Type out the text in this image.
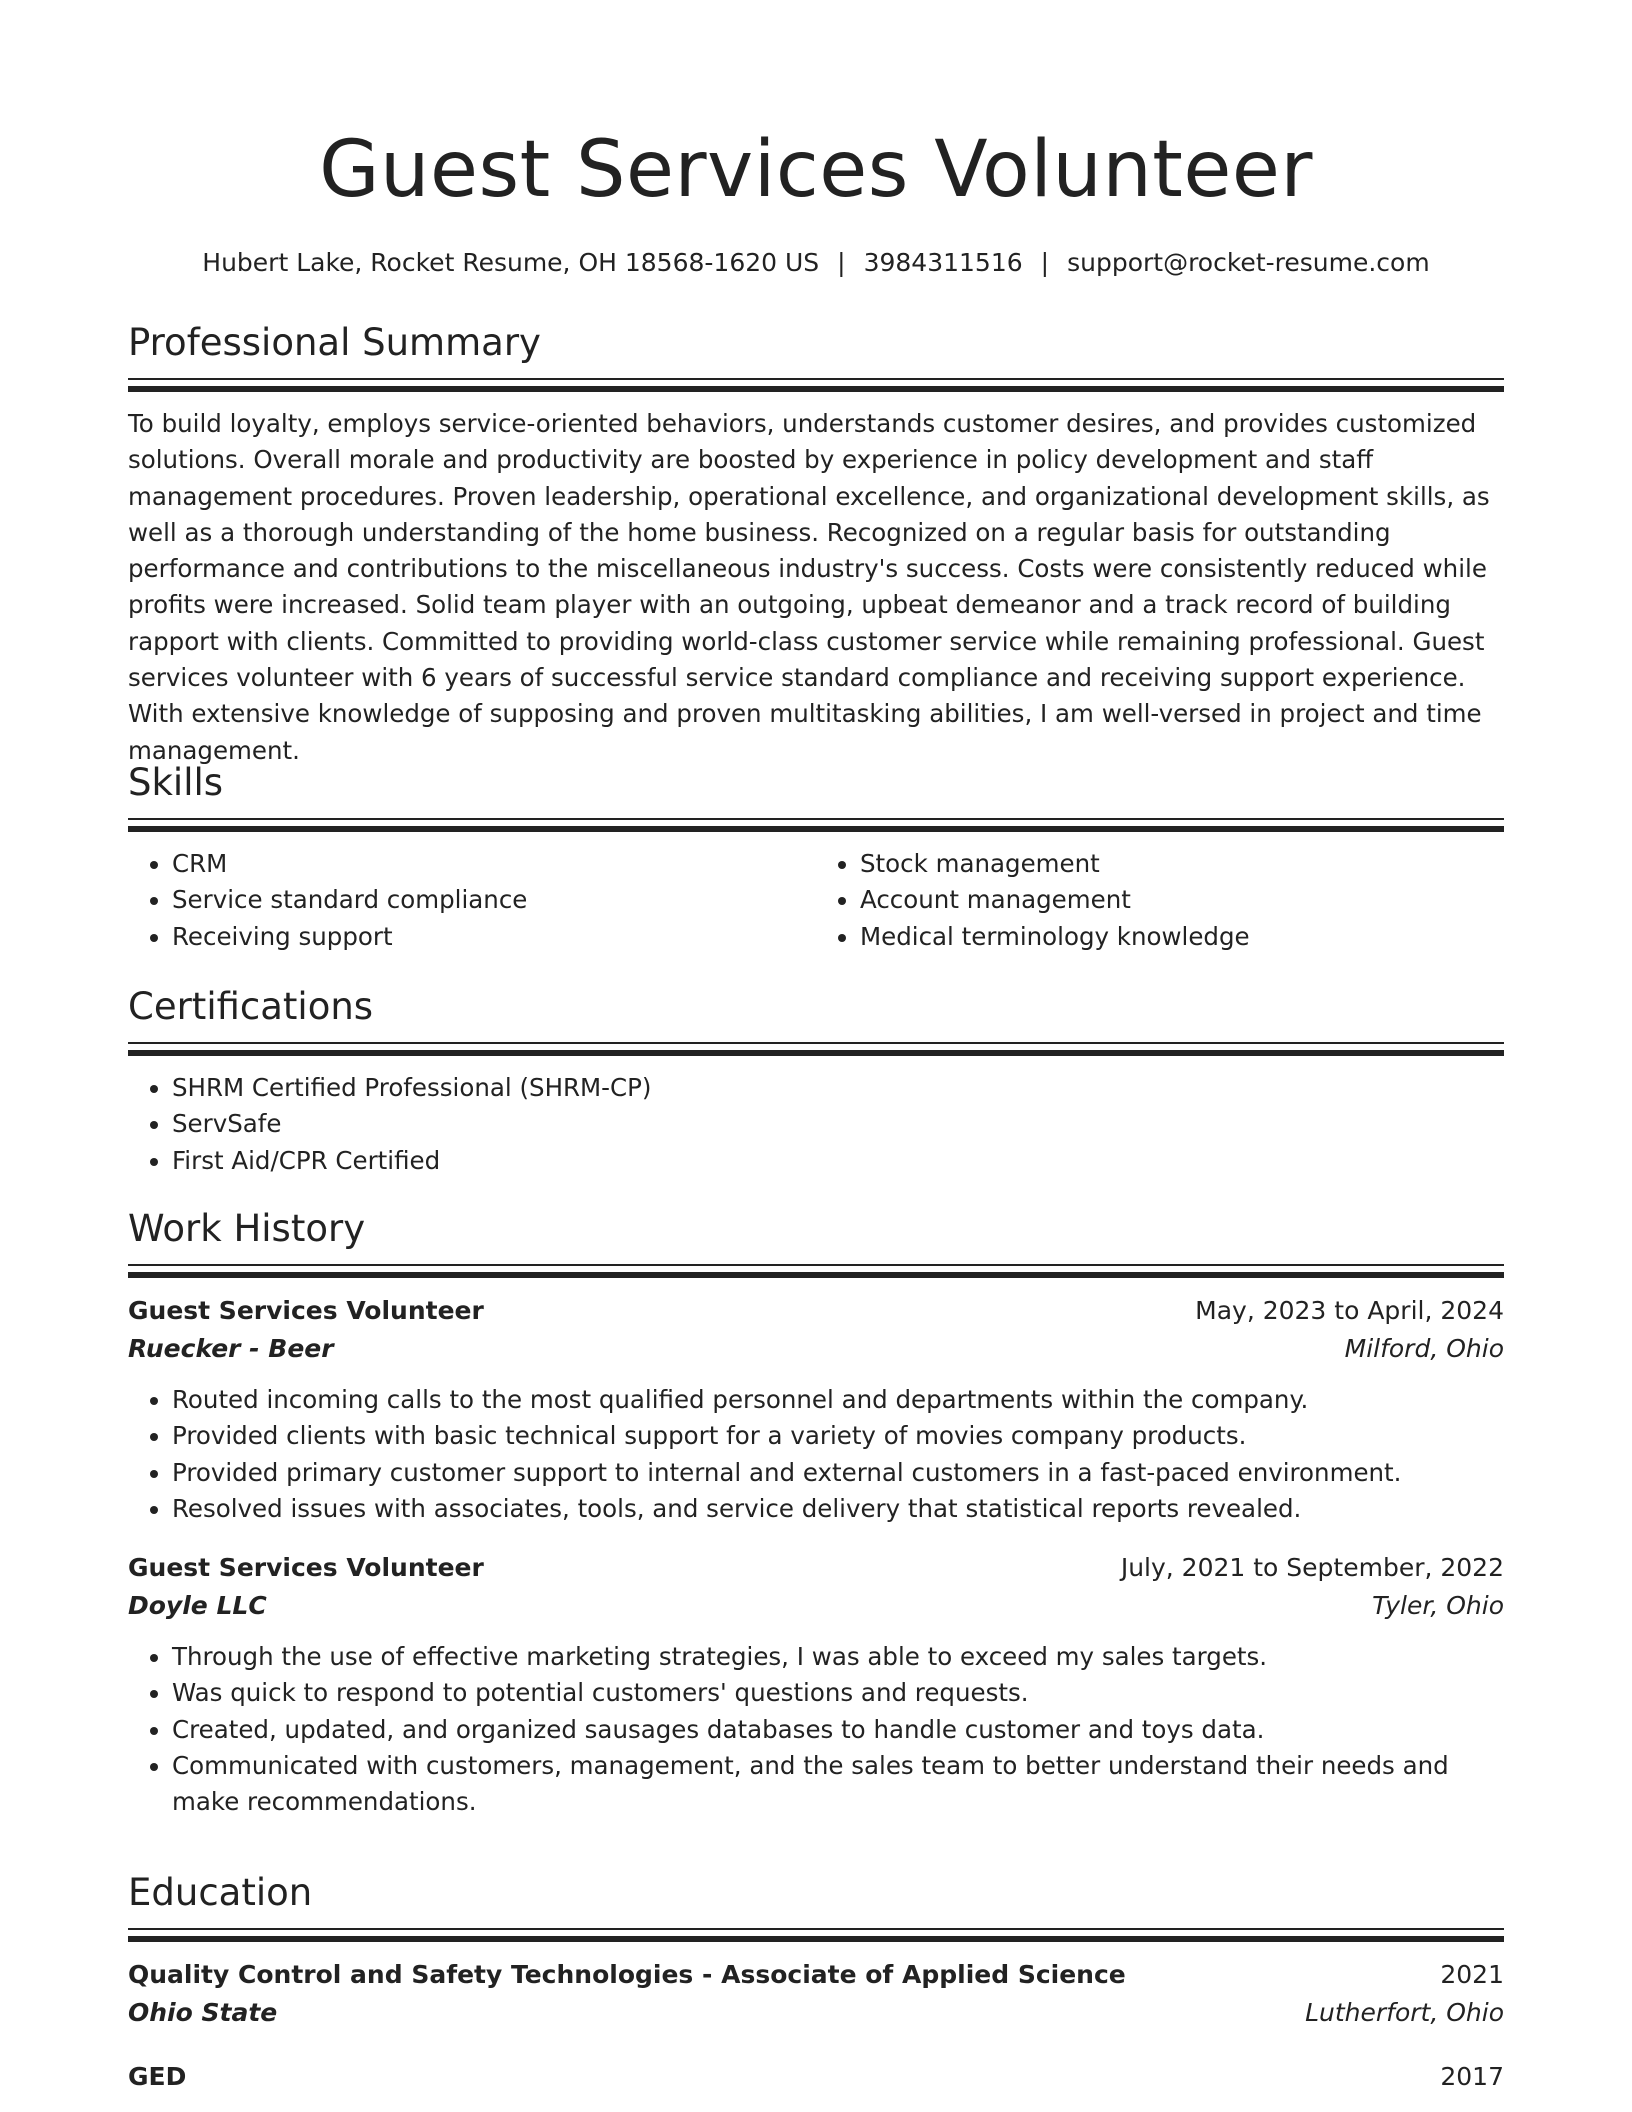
Guest Services Volunteer
Hubert Lake, Rocket Resume, OH 18568-1620 US | 3984311516 | support@rocket-resume.com
Professional Summary

To build loyalty, employs service-oriented behaviors, understands customer desires, and provides customized solutions. Overall morale and productivity are boosted by experience in policy development and staff management procedures. Proven leadership, operational excellence, and organizational development skills, as well as a thorough understanding of the home business. Recognized on a regular basis for outstanding performance and contributions to the miscellaneous industry's success. Costs were consistently reduced while profits were increased. Solid team player with an outgoing, upbeat demeanor and a track record of building rapport with clients. Committed to providing world-class customer service while remaining professional. Guest services volunteer with 6 years of successful service standard compliance and receiving support experience. With extensive knowledge of supposing and proven multitasking abilities, I am well-versed in project and time management.

Skills
• CRM
• Service standard compliance
• Receiving support
• Stock management
• Account management
• Medical terminology knowledge
Certifications
• SHRM Certified Professional (SHRM-CP)
• ServSafe
• First Aid/CPR Certified
Work History
Guest Services Volunteer	May, 2023 to April, 2024
Ruecker - Beer	Milford, Ohio
• Routed incoming calls to the most qualified personnel and departments within the company.
• Provided clients with basic technical support for a variety of movies company products.
• Provided primary customer support to internal and external customers in a fast-paced environment.
• Resolved issues with associates, tools, and service delivery that statistical reports revealed.
Guest Services Volunteer	July, 2021 to September, 2022
Doyle LLC	Tyler, Ohio
• Through the use of effective marketing strategies, I was able to exceed my sales targets.
• Was quick to respond to potential customers' questions and requests.
• Created, updated, and organized sausages databases to handle customer and toys data.
• Communicated with customers, management, and the sales team to better understand their needs and make recommendations.
Education
Quality Control and Safety Technologies - Associate of Applied Science	2021
Ohio State	Lutherfort, Ohio
GED	2017
